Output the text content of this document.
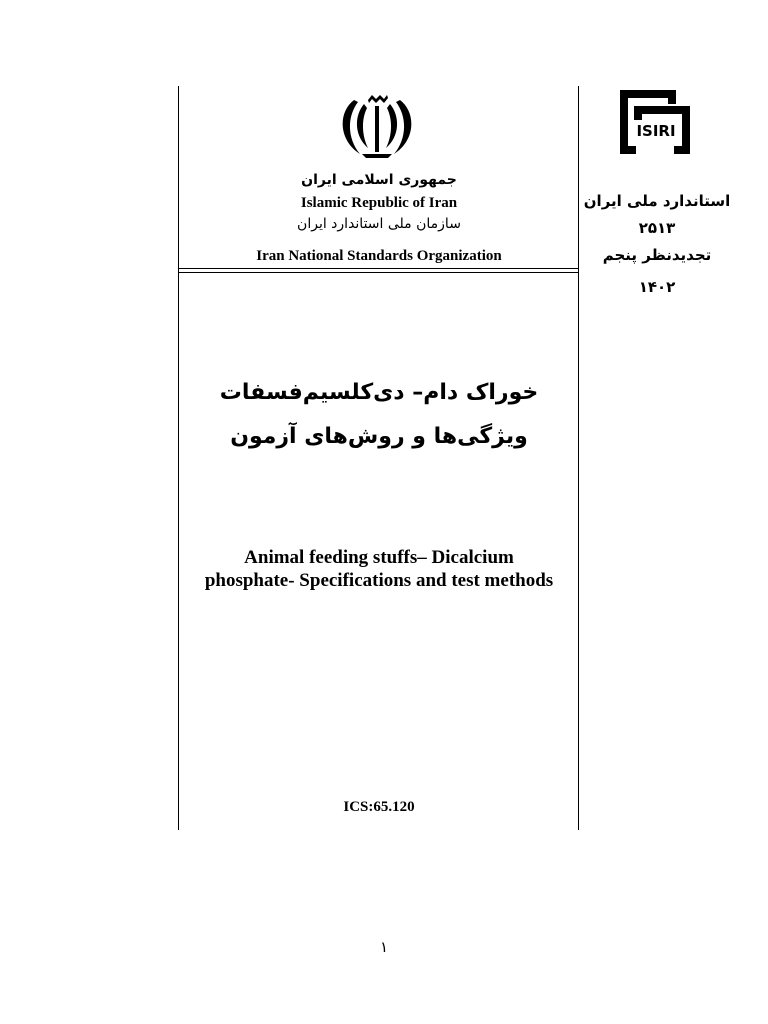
جمهوری اسلامی ایران
Islamic Republic of Iran
سازمان ملی استاندارد ایران
Iran National Standards Organization
خوراک دام– دی‌کلسیم‌فسفات
ویژگی‌ها و روش‌های آزمون
Animal feeding stuffs– Dicalcium
phosphate- Specifications and test methods
ICS:65.120
ISIRI
استاندارد ملی ایران
۲۵۱۳
تجدیدنظر پنجم
۱۴۰۲
۱
